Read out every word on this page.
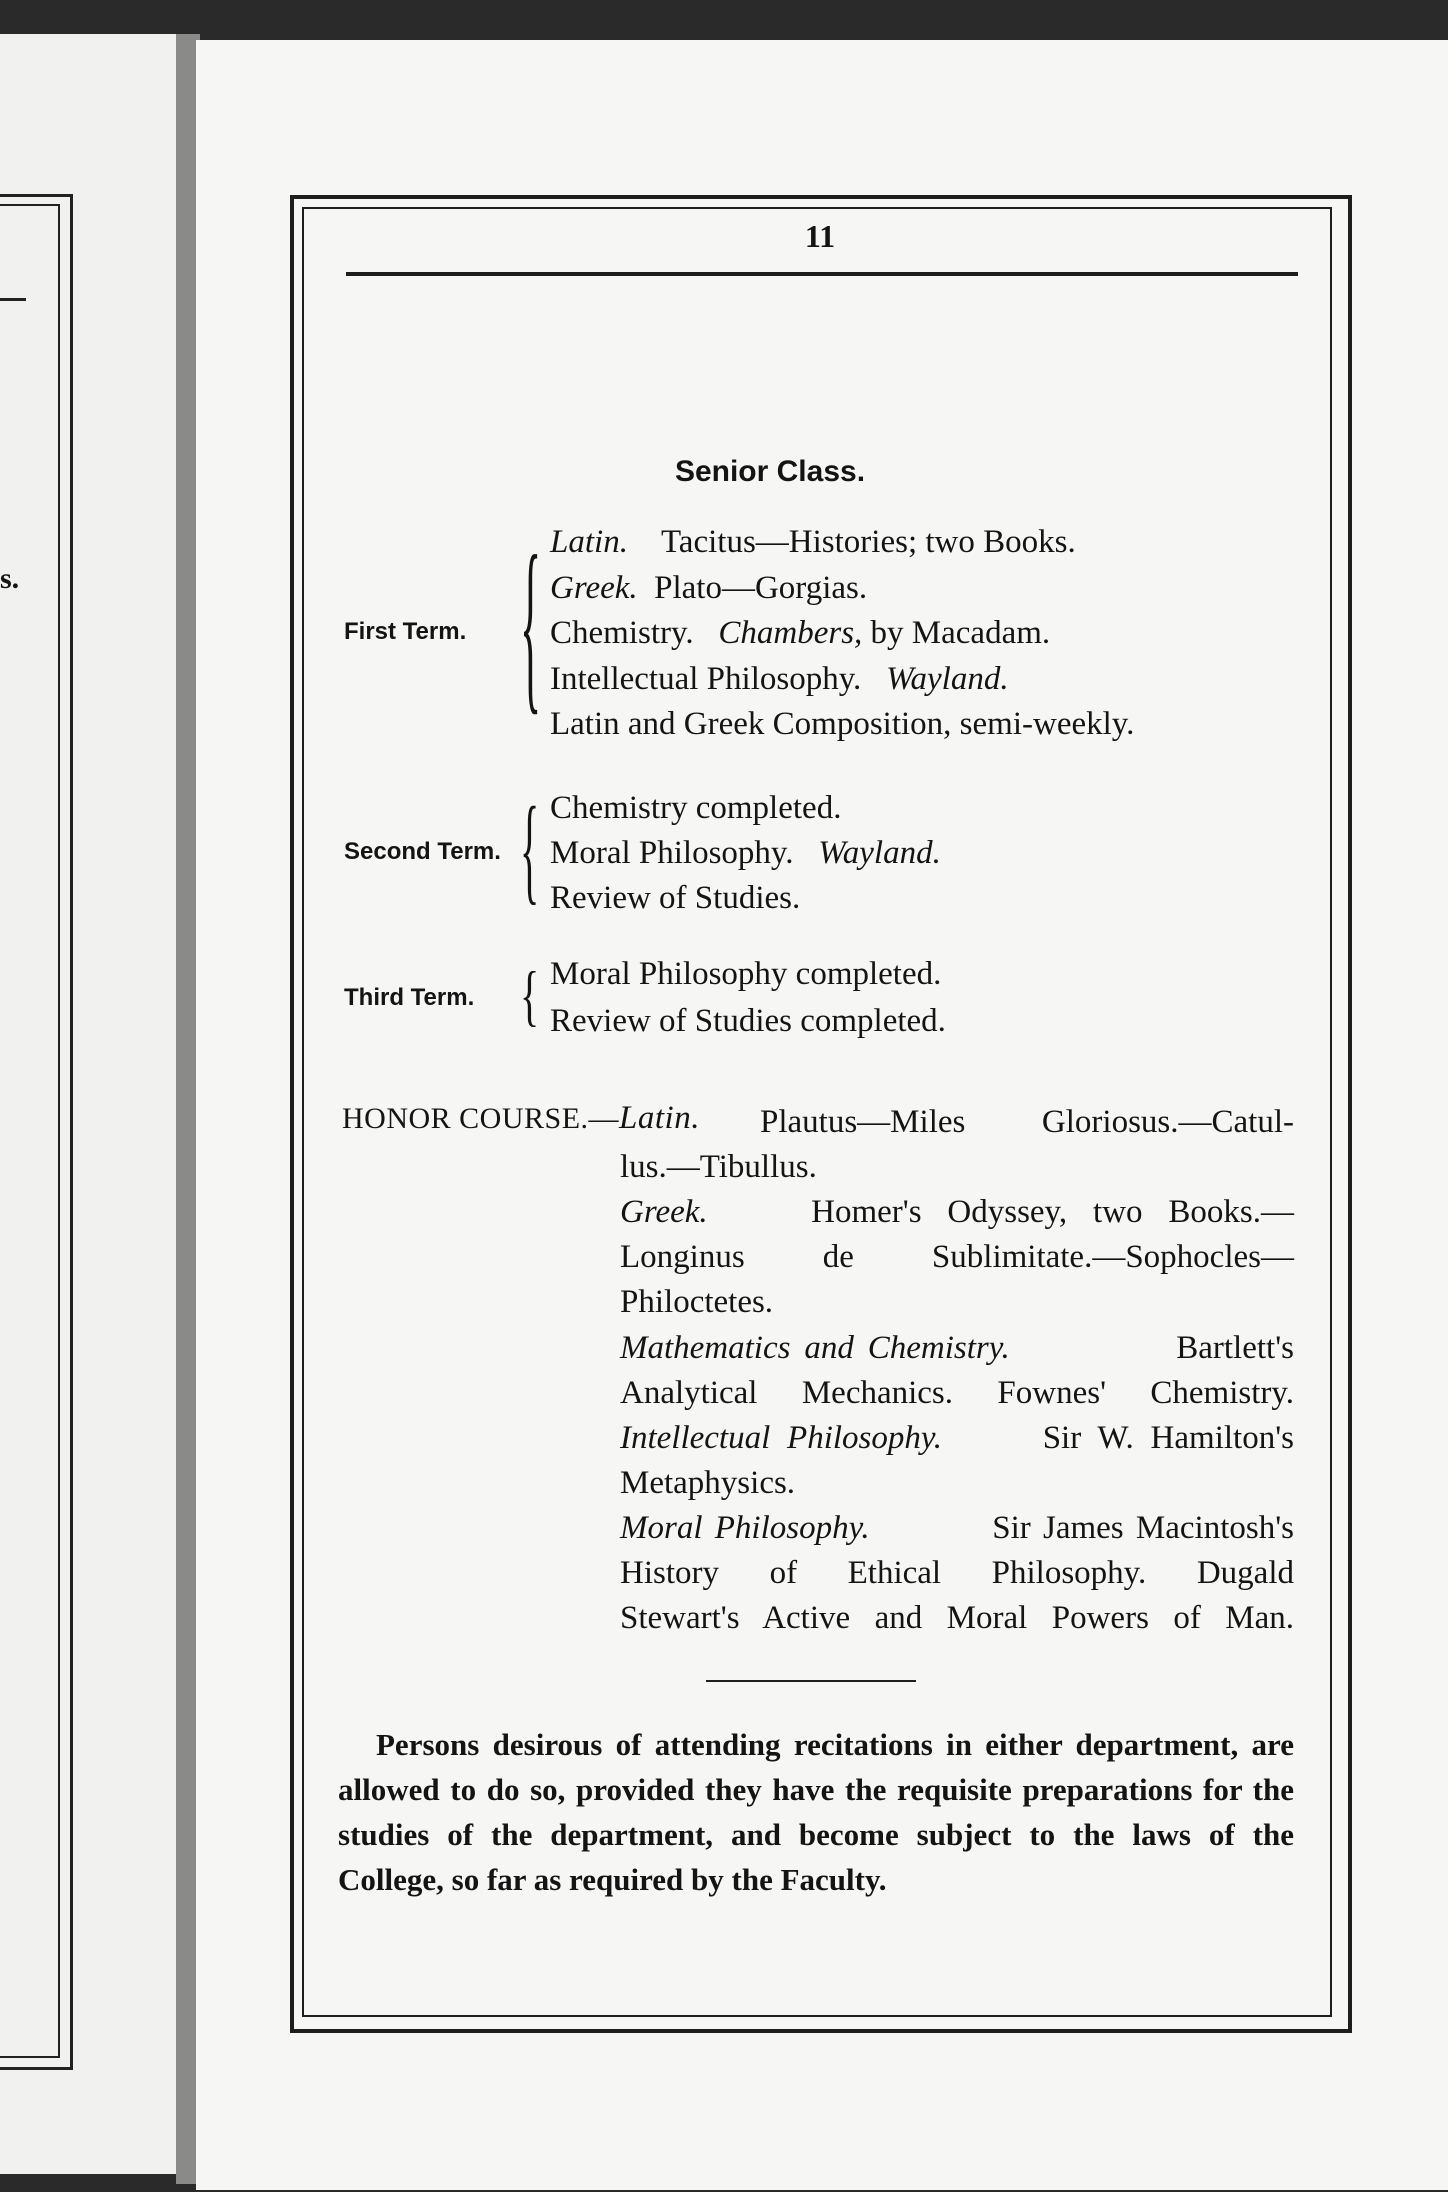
s.
11
Senior Class.
First Term. { Latin. Tacitus—Histories; two Books.
Greek. Plato—Gorgias.
Chemistry. Chambers, by Macadam.
Intellectual Philosophy. Wayland.
Latin and Greek Composition, semi-weekly.
Second Term. { Chemistry completed.
Moral Philosophy. Wayland.
Review of Studies.
Third Term. { Moral Philosophy completed.
Review of Studies completed.
HONOR COURSE.—Latin. Plautus—Miles Gloriosus.—Catul-

lus.—Tibullus.

Greek.	Homer's Odyssey, two Books.—

Longinus de Sublimitate.—Sophocles—

Philoctetes.

Mathematics and Chemistry.	Bartlett's

Analytical Mechanics. Fownes' Chemistry.

Intellectual Philosophy.	Sir W. Hamilton's

Metaphysics.

Moral Philosophy.	Sir James Macintosh's

History of Ethical Philosophy. Dugald

Stewart's Active and Moral Powers of Man.

Persons desirous of attending recitations in either department, are allowed to do so, provided they have the requisite preparations for the studies of the department, and become subject to the laws of the College, so far as required by the Faculty.
